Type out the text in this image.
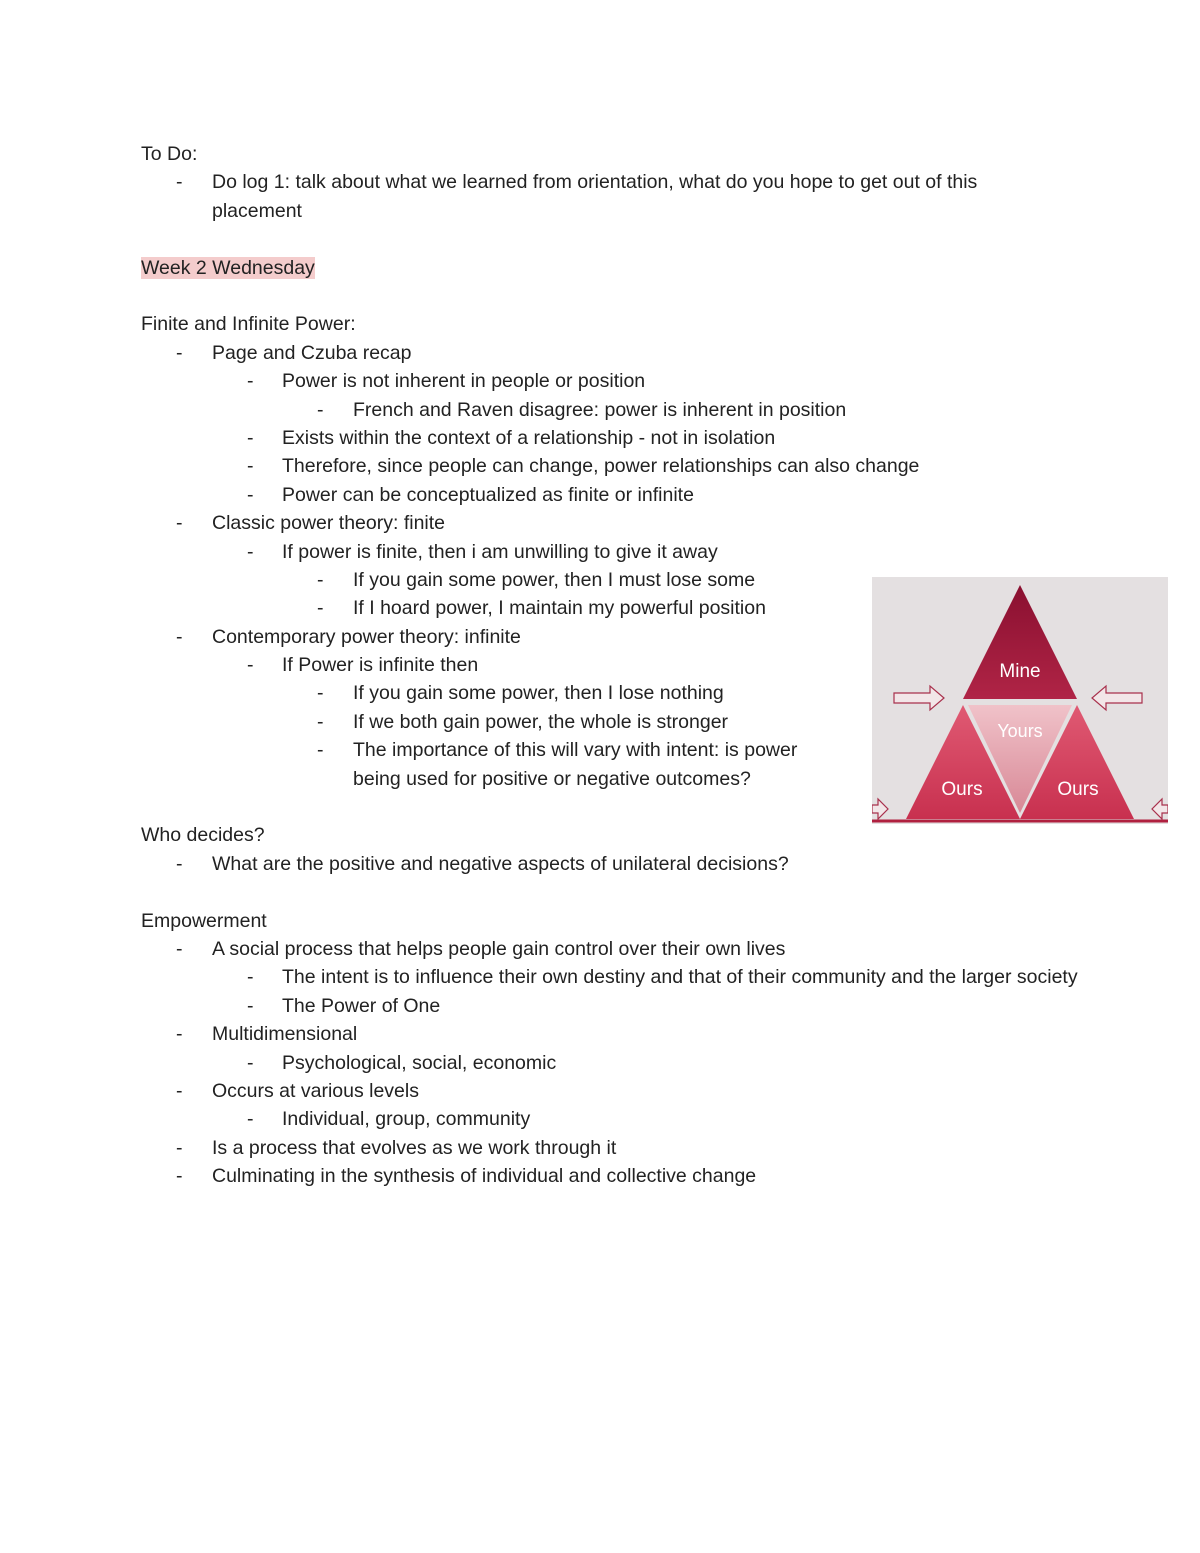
To Do:
- Do log 1: talk about what we learned from orientation, what do you hope to get out of this placement
Week 2 Wednesday
Finite and Infinite Power:
- Page and Czuba recap
- Power is not inherent in people or position
- French and Raven disagree: power is inherent in position
- Exists within the context of a relationship - not in isolation
- Therefore, since people can change, power relationships can also change
- Power can be conceptualized as finite or infinite
- Classic power theory: finite
- If power is finite, then i am unwilling to give it away
- If you gain some power, then I must lose some
- If I hoard power, I maintain my powerful position
- Contemporary power theory: infinite
- If Power is infinite then
- If you gain some power, then I lose nothing
- If we both gain power, the whole is stronger
- The importance of this will vary with intent: is power
being used for positive or negative outcomes?
Who decides?
- What are the positive and negative aspects of unilateral decisions?
Empowerment
- A social process that helps people gain control over their own lives
- The intent is to influence their own destiny and that of their community and the larger society
- The Power of One
- Multidimensional
- Psychological, social, economic
- Occurs at various levels
- Individual, group, community
- Is a process that evolves as we work through it
- Culminating in the synthesis of individual and collective change
Mine
Yours
Ours	Ours
